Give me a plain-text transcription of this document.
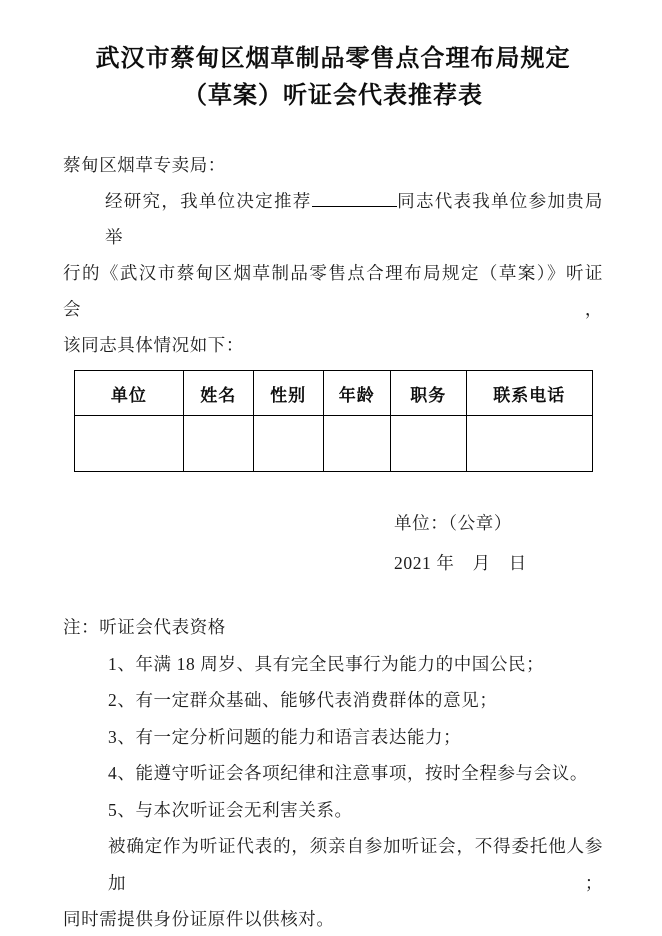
武汉市蔡甸区烟草制品零售点合理布局规定
（草案）听证会代表推荐表
蔡甸区烟草专卖局：
经研究，我单位决定推荐	同志代表我单位参加贵局举
行的《武汉市蔡甸区烟草制品零售点合理布局规定（草案）》听证会，
该同志具体情况如下：
单位	姓名	性别	年龄	职务	联系电话

单位：（公章）
2021 年　月　日
注：听证会代表资格
1、年满 18 周岁、具有完全民事行为能力的中国公民；
2、有一定群众基础、能够代表消费群体的意见；
3、有一定分析问题的能力和语言表达能力；
4、能遵守听证会各项纪律和注意事项，按时全程参与会议。
5、与本次听证会无利害关系。
被确定作为听证代表的，须亲自参加听证会，不得委托他人参加；
同时需提供身份证原件以供核对。
